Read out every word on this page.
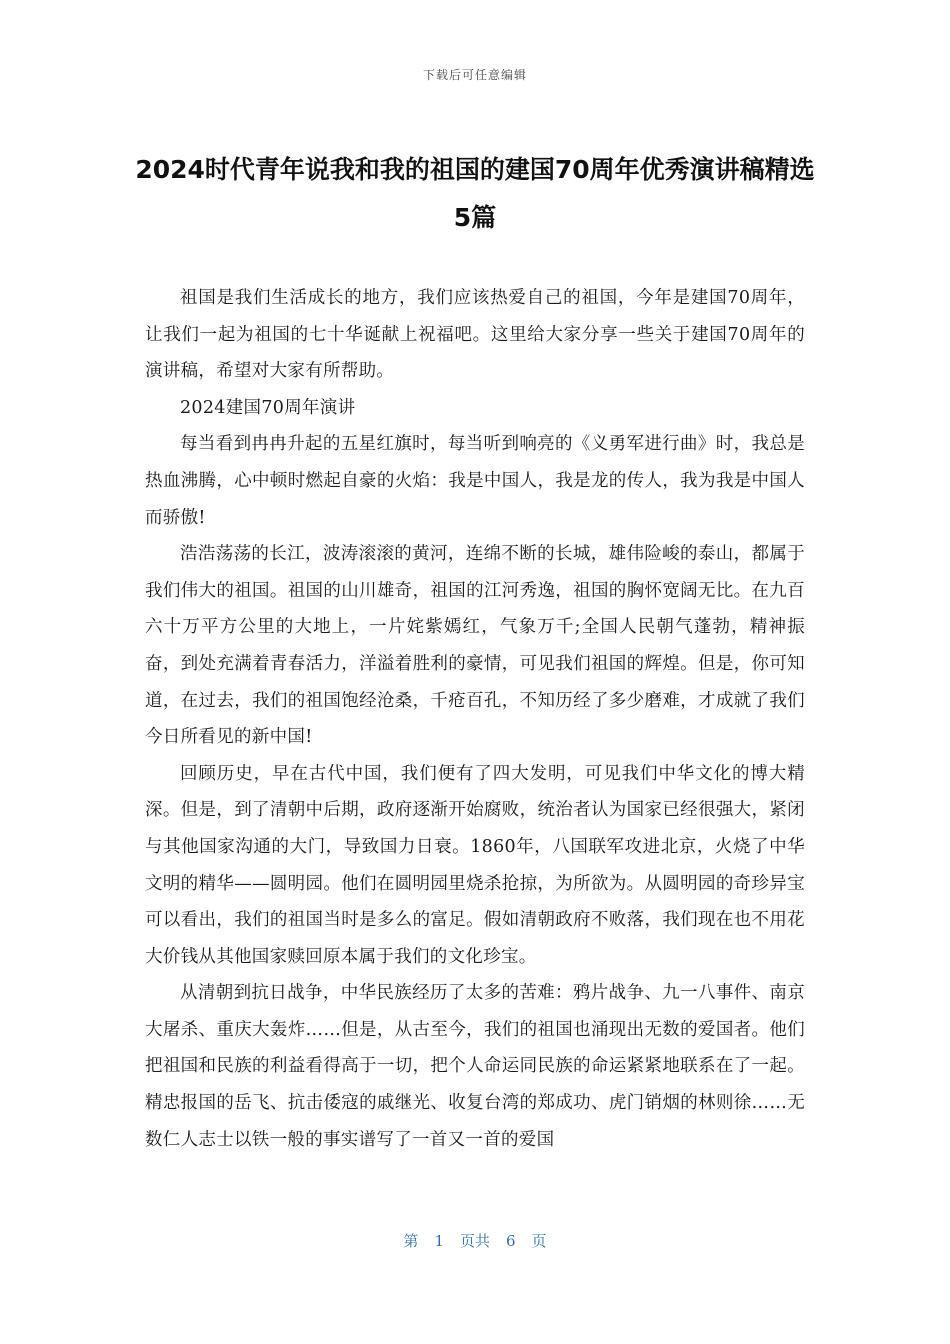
下载后可任意编辑
2024时代青年说我和我的祖国的建国70周年优秀演讲稿精选5篇

祖国是我们生活成长的地方，我们应该热爱自己的祖国，今年是建国70周年，让我们一起为祖国的七十华诞献上祝福吧。这里给大家分享一些关于建国70周年的演讲稿，希望对大家有所帮助。

2024建国70周年演讲

每当看到冉冉升起的五星红旗时，每当听到响亮的《义勇军进行曲》时，我总是热血沸腾，心中顿时燃起自豪的火焰：我是中国人，我是龙的传人，我为我是中国人而骄傲!

浩浩荡荡的长江，波涛滚滚的黄河，连绵不断的长城，雄伟险峻的泰山，都属于我们伟大的祖国。祖国的山川雄奇，祖国的江河秀逸，祖国的胸怀宽阔无比。在九百六十万平方公里的大地上，一片姹紫嫣红，气象万千;全国人民朝气蓬勃，精神振奋，到处充满着青春活力，洋溢着胜利的豪情，可见我们祖国的辉煌。但是，你可知道，在过去，我们的祖国饱经沧桑，千疮百孔，不知历经了多少磨难，才成就了我们今日所看见的新中国!

回顾历史，早在古代中国，我们便有了四大发明，可见我们中华文化的博大精深。但是，到了清朝中后期，政府逐渐开始腐败，统治者认为国家已经很强大，紧闭与其他国家沟通的大门，导致国力日衰。1860年，八国联军攻进北京，火烧了中华文明的精华——圆明园。他们在圆明园里烧杀抢掠，为所欲为。从圆明园的奇珍异宝可以看出，我们的祖国当时是多么的富足。假如清朝政府不败落，我们现在也不用花大价钱从其他国家赎回原本属于我们的文化珍宝。

从清朝到抗日战争，中华民族经历了太多的苦难：鸦片战争、九一八事件、南京大屠杀、重庆大轰炸……但是，从古至今，我们的祖国也涌现出无数的爱国者。他们把祖国和民族的利益看得高于一切，把个人命运同民族的命运紧紧地联系在了一起。精忠报国的岳飞、抗击倭寇的戚继光、收复台湾的郑成功、虎门销烟的林则徐……无数仁人志士以铁一般的事实谱写了一首又一首的爱国

第 1 页共 6 页
